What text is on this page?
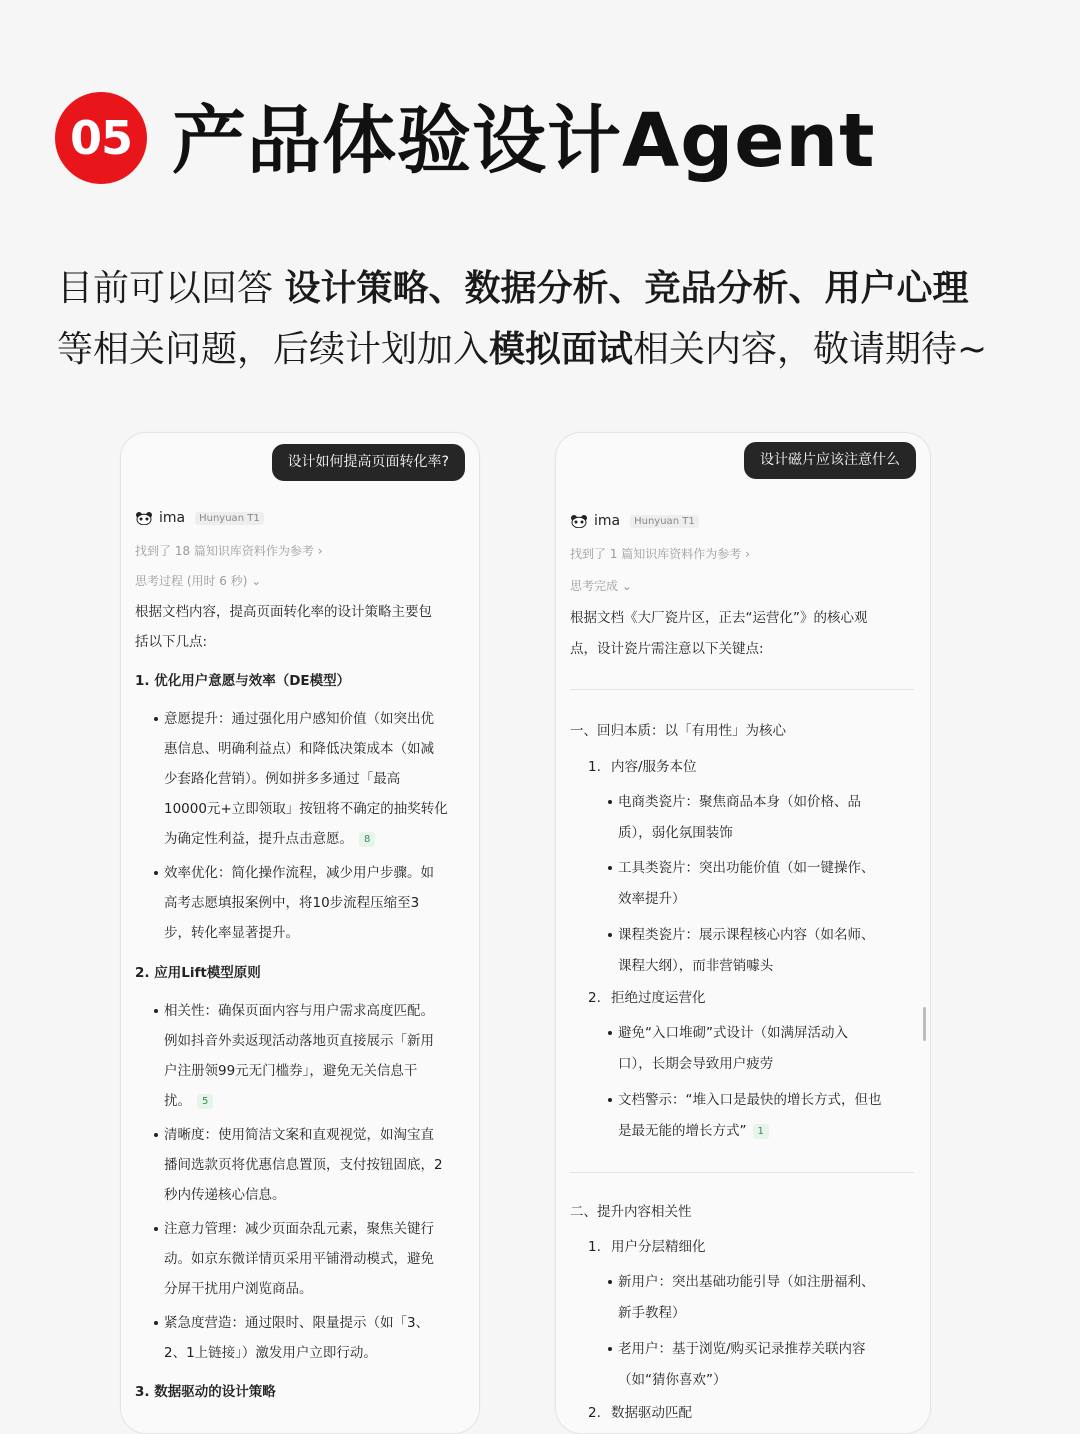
05 产品体验设计Agent
目前可以回答 设计策略、数据分析、竞品分析、用户心理
等相关问题，后续计划加入模拟面试相关内容，敬请期待~
设计如何提高页面转化率?
ima	Hunyuan T1
找到了 18 篇知识库资料作为参考 ›
思考过程 (用时 6 秒) ⌄
根据文档内容，提高页面转化率的设计策略主要包
括以下几点:
1. 优化用户意愿与效率（DE模型）
意愿提升：通过强化用户感知价值（如突出优
惠信息、明确利益点）和降低决策成本（如减
少套路化营销）。例如拼多多通过「最高
10000元+立即领取」按钮将不确定的抽奖转化
为确定性利益，提升点击意愿。 8
效率优化：简化操作流程，减少用户步骤。如
高考志愿填报案例中，将10步流程压缩至3
步，转化率显著提升。
2. 应用Lift模型原则
相关性：确保页面内容与用户需求高度匹配。
例如抖音外卖返现活动落地页直接展示「新用
户注册领99元无门槛券」，避免无关信息干
扰。 5
清晰度：使用简洁文案和直观视觉，如淘宝直
播间选款页将优惠信息置顶，支付按钮固底，2
秒内传递核心信息。
注意力管理：减少页面杂乱元素，聚焦关键行
动。如京东微详情页采用平铺滑动模式，避免
分屏干扰用户浏览商品。
紧急度营造：通过限时、限量提示（如「3、
2、1上链接」）激发用户立即行动。
3. 数据驱动的设计策略
设计磁片应该注意什么
ima	Hunyuan T1
找到了 1 篇知识库资料作为参考 ›
思考完成 ⌄
根据文档《大厂瓷片区，正去“运营化”》的核心观
点，设计瓷片需注意以下关键点:
一、回归本质：以「有用性」为核心
1. 内容/服务本位
电商类瓷片：聚焦商品本身（如价格、品
质），弱化氛围装饰
工具类瓷片：突出功能价值（如一键操作、
效率提升）
课程类瓷片：展示课程核心内容（如名师、
课程大纲），而非营销噱头
2. 拒绝过度运营化
避免“入口堆砌”式设计（如满屏活动入
口），长期会导致用户疲劳
文档警示：“堆入口是最快的增长方式，但也
是最无能的增长方式” 1
二、提升内容相关性
1. 用户分层精细化
新用户：突出基础功能引导（如注册福利、
新手教程）
老用户：基于浏览/购买记录推荐关联内容
（如“猜你喜欢”）
2. 数据驱动匹配
